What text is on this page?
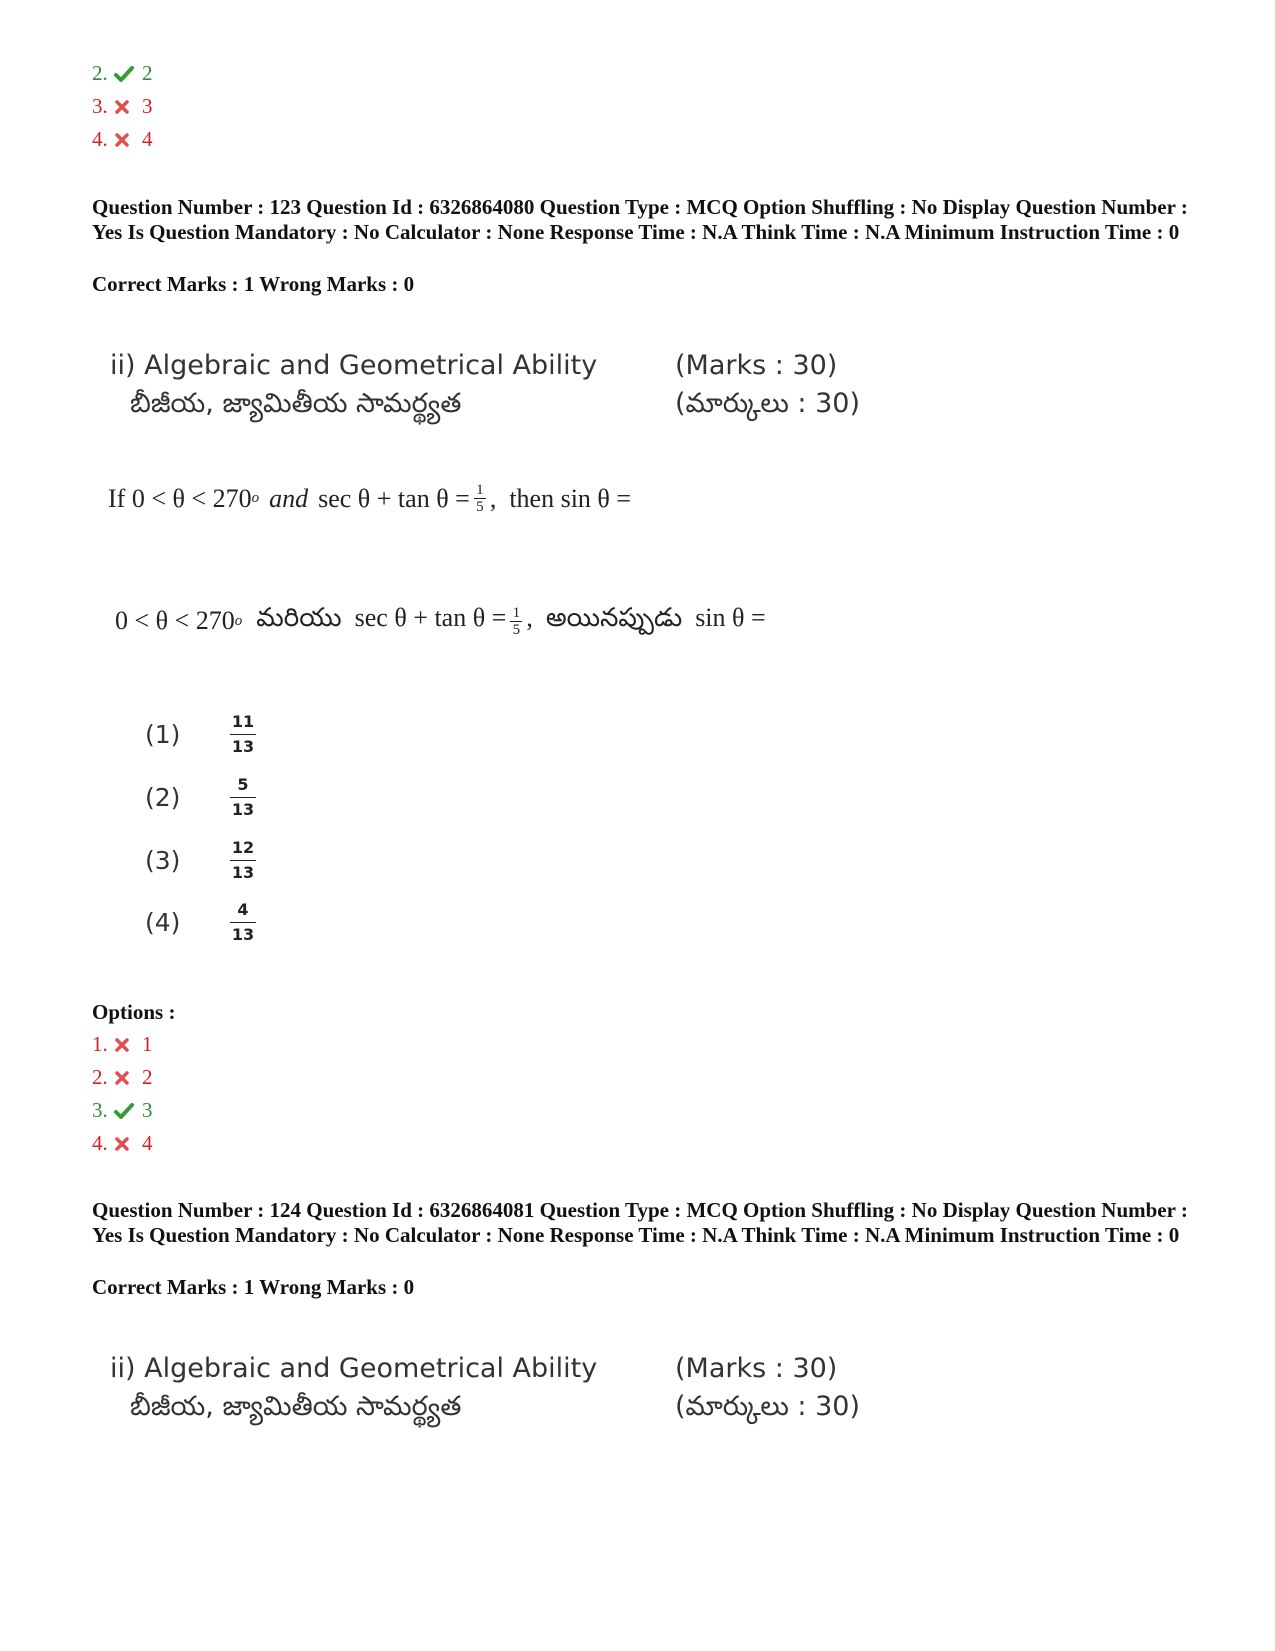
2. 2
3. 3
4. 4
Question Number : 123 Question Id : 6326864080 Question Type : MCQ Option Shuffling : No Display Question Number : Yes Is Question Mandatory : No Calculator : None Response Time : N.A Think Time : N.A Minimum Instruction Time : 0
Correct Marks : 1 Wrong Marks : 0
ii) Algebraic and Geometrical Ability
బీజీయ, జ్యామితీయ సామర్థ్యత
(Marks : 30)
(మార్కులు : 30)
If 0 < θ < 270 o and $\sec \theta + \tan \theta = \frac{1}{5}$ ,  then sin θ =
0 < θ < 270 o మరియు  $\sec \theta + \tan \theta = \frac{1}{5}$ ,  అయినప్పుడు  sin θ =
(1)	11
13
(2)	5
13
(3)	12
13
(4)	4
13
Options :
1. 1
2. 2
3. 3
4. 4
Question Number : 124 Question Id : 6326864081 Question Type : MCQ Option Shuffling : No Display Question Number : Yes Is Question Mandatory : No Calculator : None Response Time : N.A Think Time : N.A Minimum Instruction Time : 0
Correct Marks : 1 Wrong Marks : 0
ii) Algebraic and Geometrical Ability
బీజీయ, జ్యామితీయ సామర్థ్యత
(Marks : 30)
(మార్కులు : 30)
